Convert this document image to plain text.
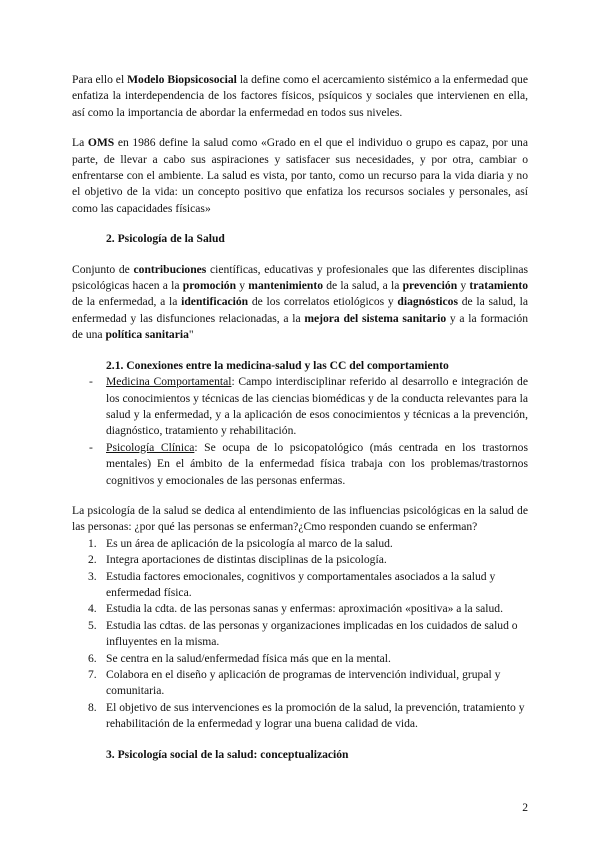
Para ello el Modelo Biopsicosocial la define como el acercamiento sistémico a la enfermedad que enfatiza la interdependencia de los factores físicos, psíquicos y sociales que intervienen en ella, así como la importancia de abordar la enfermedad en todos sus niveles.

La OMS en 1986 define la salud como «Grado en el que el individuo o grupo es capaz, por una parte, de llevar a cabo sus aspiraciones y satisfacer sus necesidades, y por otra, cambiar o enfrentarse con el ambiente. La salud es vista, por tanto, como un recurso para la vida diaria y no el objetivo de la vida: un concepto positivo que enfatiza los recursos sociales y personales, así como las capacidades físicas»

2. Psicología de la Salud

Conjunto de contribuciones científicas, educativas y profesionales que las diferentes disciplinas psicológicas hacen a la promoción y mantenimiento de la salud, a la prevención y tratamiento de la enfermedad, a la identificación de los correlatos etiológicos y diagnósticos de la salud, la enfermedad y las disfunciones relacionadas, a la mejora del sistema sanitario y a la formación de una política sanitaria"

2.1. Conexiones entre la medicina-salud y las CC del comportamiento

- Medicina Comportamental: Campo interdisciplinar referido al desarrollo e integración de los conocimientos y técnicas de las ciencias biomédicas y de la conducta relevantes para la salud y la enfermedad, y a la aplicación de esos conocimientos y técnicas a la prevención, diagnóstico, tratamiento y rehabilitación.
- Psicología Clínica: Se ocupa de lo psicopatológico (más centrada en los trastornos mentales) En el ámbito de la enfermedad física trabaja con los problemas/trastornos cognitivos y emocionales de las personas enfermas.

La psicología de la salud se dedica al entendimiento de las influencias psicológicas en la salud de las personas: ¿por qué las personas se enferman?¿Cmo responden cuando se enferman?

1. Es un área de aplicación de la psicología al marco de la salud.
2. Integra aportaciones de distintas disciplinas de la psicología.
3. Estudia factores emocionales, cognitivos y comportamentales asociados a la salud y enfermedad física.
4. Estudia la cdta. de las personas sanas y enfermas: aproximación «positiva» a la salud.
5. Estudia las cdtas. de las personas y organizaciones implicadas en los cuidados de salud o influyentes en la misma.
6. Se centra en la salud/enfermedad física más que en la mental.
7. Colabora en el diseño y aplicación de programas de intervención individual, grupal y comunitaria.
8. El objetivo de sus intervenciones es la promoción de la salud, la prevención, tratamiento y rehabilitación de la enfermedad y lograr una buena calidad de vida.

3. Psicología social de la salud: conceptualización

2
